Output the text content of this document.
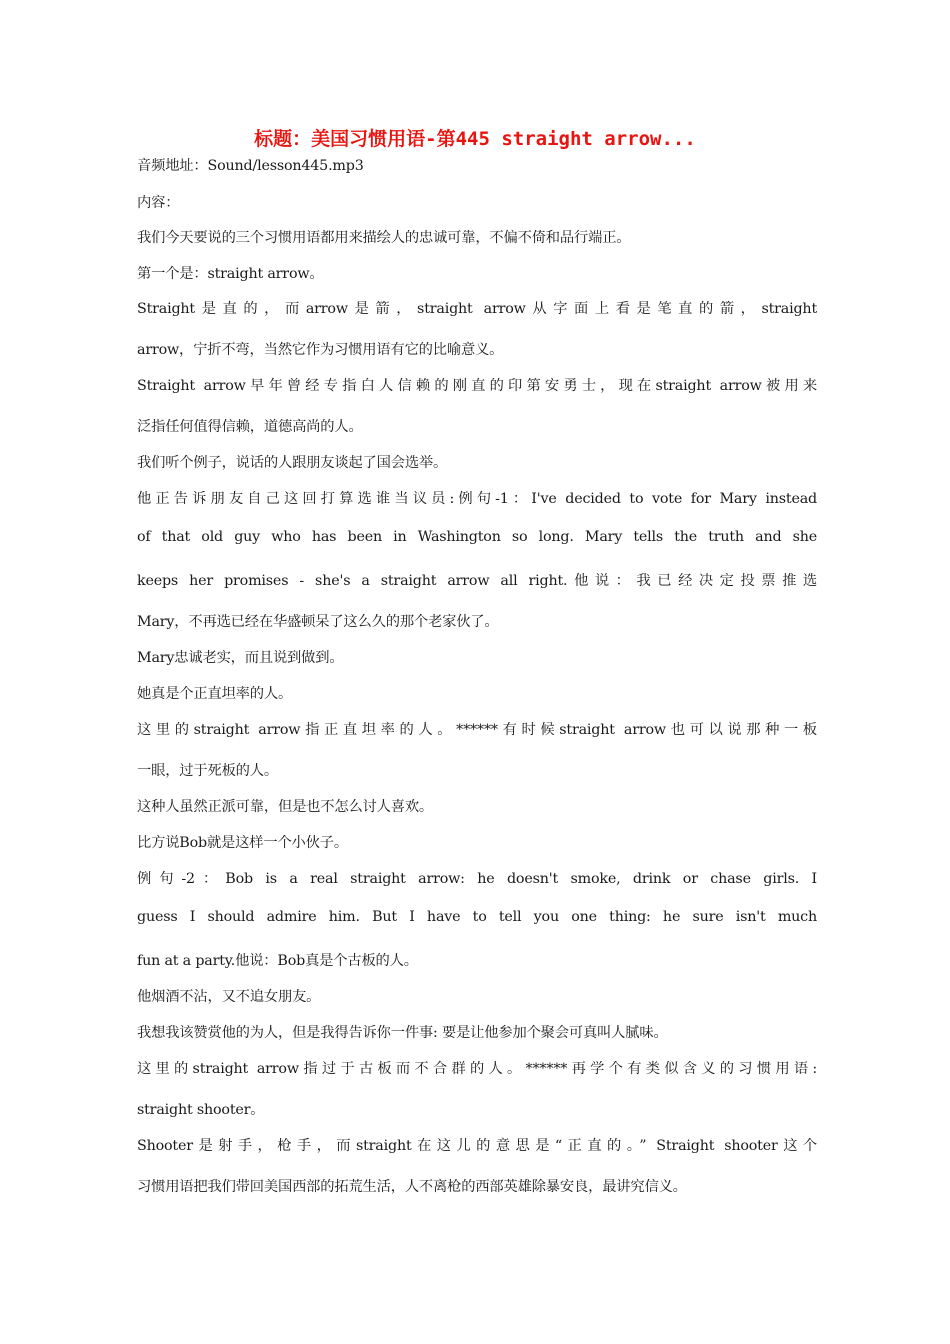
标题：美国习惯用语-第445 straight arrow...
音频地址：Sound/lesson445.mp3
内容：
我们今天要说的三个习惯用语都用来描绘人的忠诚可靠，不偏不倚和品行端正。
第一个是：straight arrow。
Straight是直的，而arrow是箭，straight arrow从字面上看是笔直的箭，straight
arrow，宁折不弯，当然它作为习惯用语有它的比喻意义。
Straight arrow早年曾经专指白人信赖的刚直的印第安勇士，现在straight arrow被用来
泛指任何值得信赖，道德高尚的人。
我们听个例子，说话的人跟朋友谈起了国会选举。
他正告诉朋友自己这回打算选谁当议员:例句-1：I've decided to vote for Mary instead
of that old guy who has been in Washington so long. Mary tells the truth and she
keeps her promises - she's a straight arrow all right.他说：我已经决定投票推选
Mary，不再选已经在华盛顿呆了这么久的那个老家伙了。
Mary忠诚老实，而且说到做到。
她真是个正直坦率的人。
这里的straight arrow指正直坦率的人。******有时候straight arrow也可以说那种一板
一眼，过于死板的人。
这种人虽然正派可靠，但是也不怎么讨人喜欢。
比方说Bob就是这样一个小伙子。
例句-2：Bob is a real straight arrow: he doesn't smoke, drink or chase girls. I
guess I should admire him. But I have to tell you one thing: he sure isn't much
fun at a party.他说：Bob真是个古板的人。
他烟酒不沾，又不追女朋友。
我想我该赞赏他的为人，但是我得告诉你一件事: 要是让他参加个聚会可真叫人腻味。
这里的straight arrow指过于古板而不合群的人。******再学个有类似含义的习惯用语:
straight shooter。
Shooter是射手，枪手，而straight在这儿的意思是“正直的。” Straight shooter这个
习惯用语把我们带回美国西部的拓荒生活，人不离枪的西部英雄除暴安良，最讲究信义。
